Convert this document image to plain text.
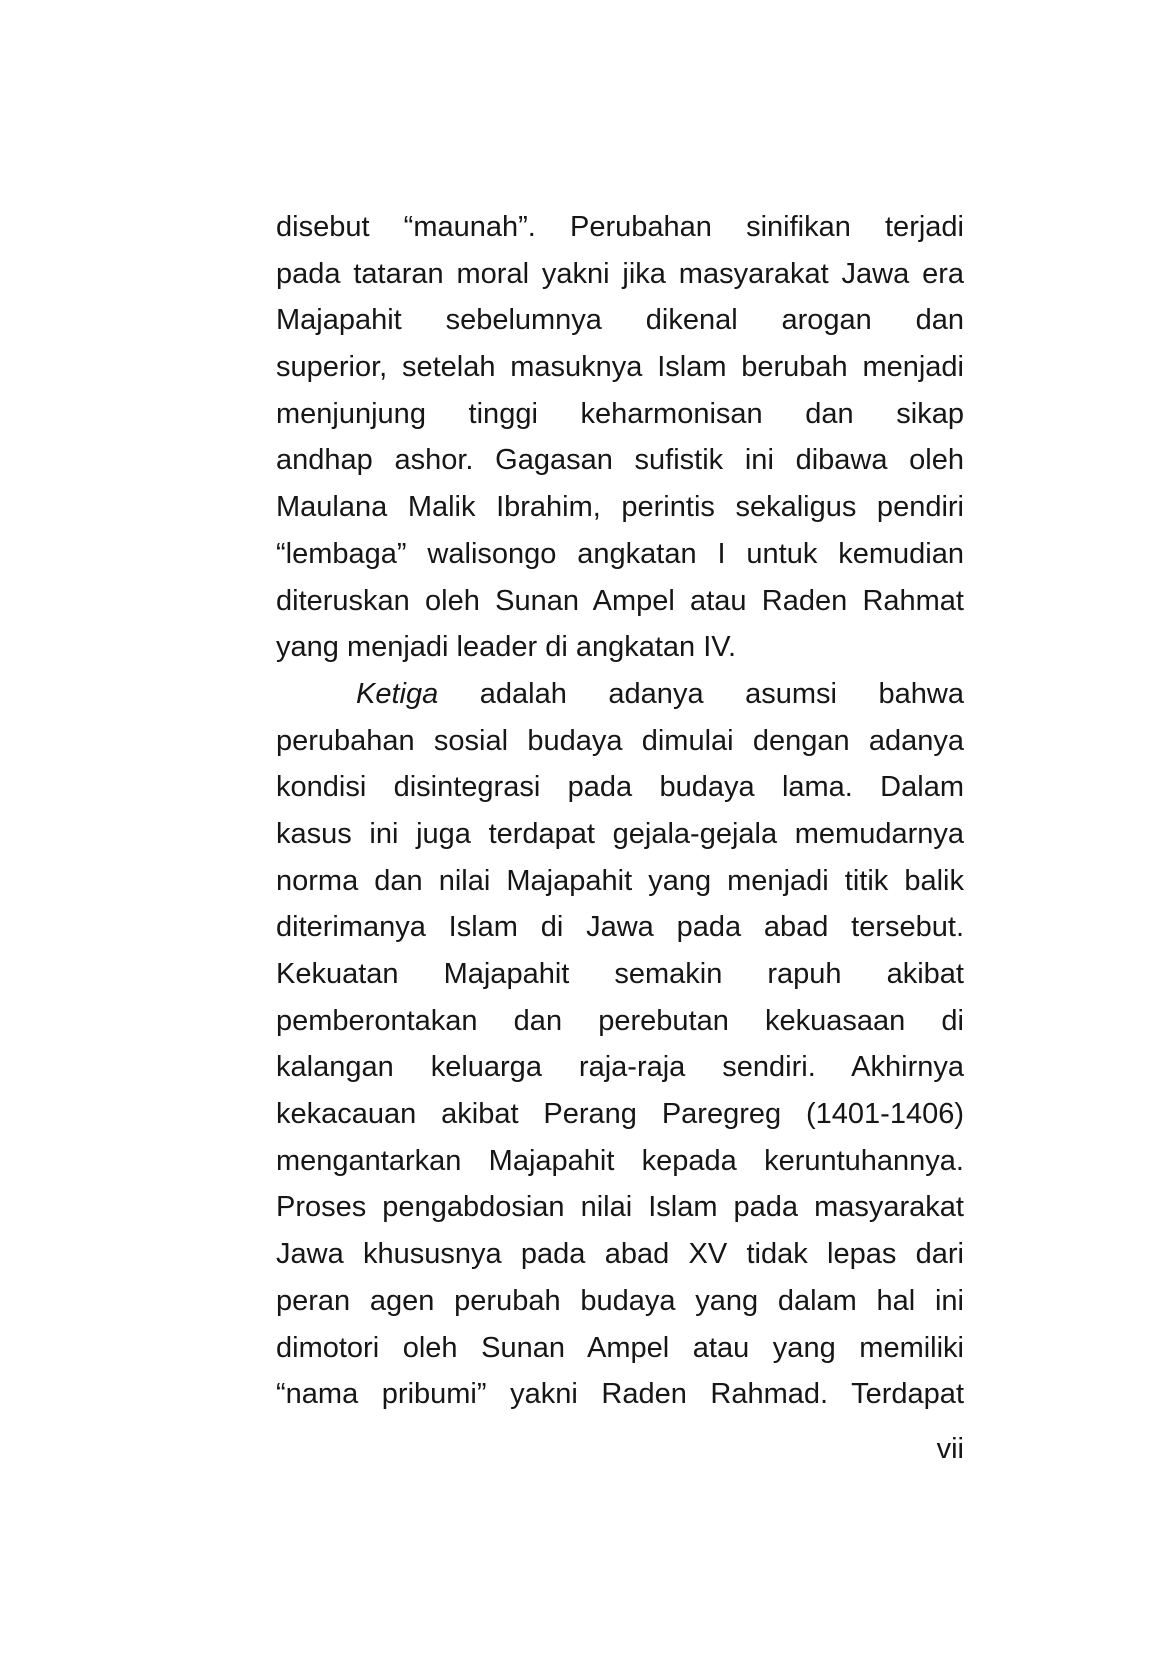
disebut “maunah”. Perubahan sinifikan terjadi
pada tataran moral yakni jika masyarakat Jawa era
Majapahit sebelumnya dikenal arogan dan
superior, setelah masuknya Islam berubah menjadi
menjunjung tinggi keharmonisan dan sikap
andhap ashor. Gagasan sufistik ini dibawa oleh
Maulana Malik Ibrahim, perintis sekaligus pendiri
“lembaga” walisongo angkatan I untuk kemudian
diteruskan oleh Sunan Ampel atau Raden Rahmat
yang menjadi leader di angkatan IV.
Ketiga adalah adanya asumsi bahwa
perubahan sosial budaya dimulai dengan adanya
kondisi disintegrasi pada budaya lama. Dalam
kasus ini juga terdapat gejala-gejala memudarnya
norma dan nilai Majapahit yang menjadi titik balik
diterimanya Islam di Jawa pada abad tersebut.
Kekuatan Majapahit semakin rapuh akibat
pemberontakan dan perebutan kekuasaan di
kalangan keluarga raja-raja sendiri. Akhirnya
kekacauan akibat Perang Paregreg (1401-1406)
mengantarkan Majapahit kepada keruntuhannya.
Proses pengabdosian nilai Islam pada masyarakat
Jawa khususnya pada abad XV tidak lepas dari
peran agen perubah budaya yang dalam hal ini
dimotori oleh Sunan Ampel atau yang memiliki
“nama pribumi” yakni Raden Rahmad. Terdapat
vii
